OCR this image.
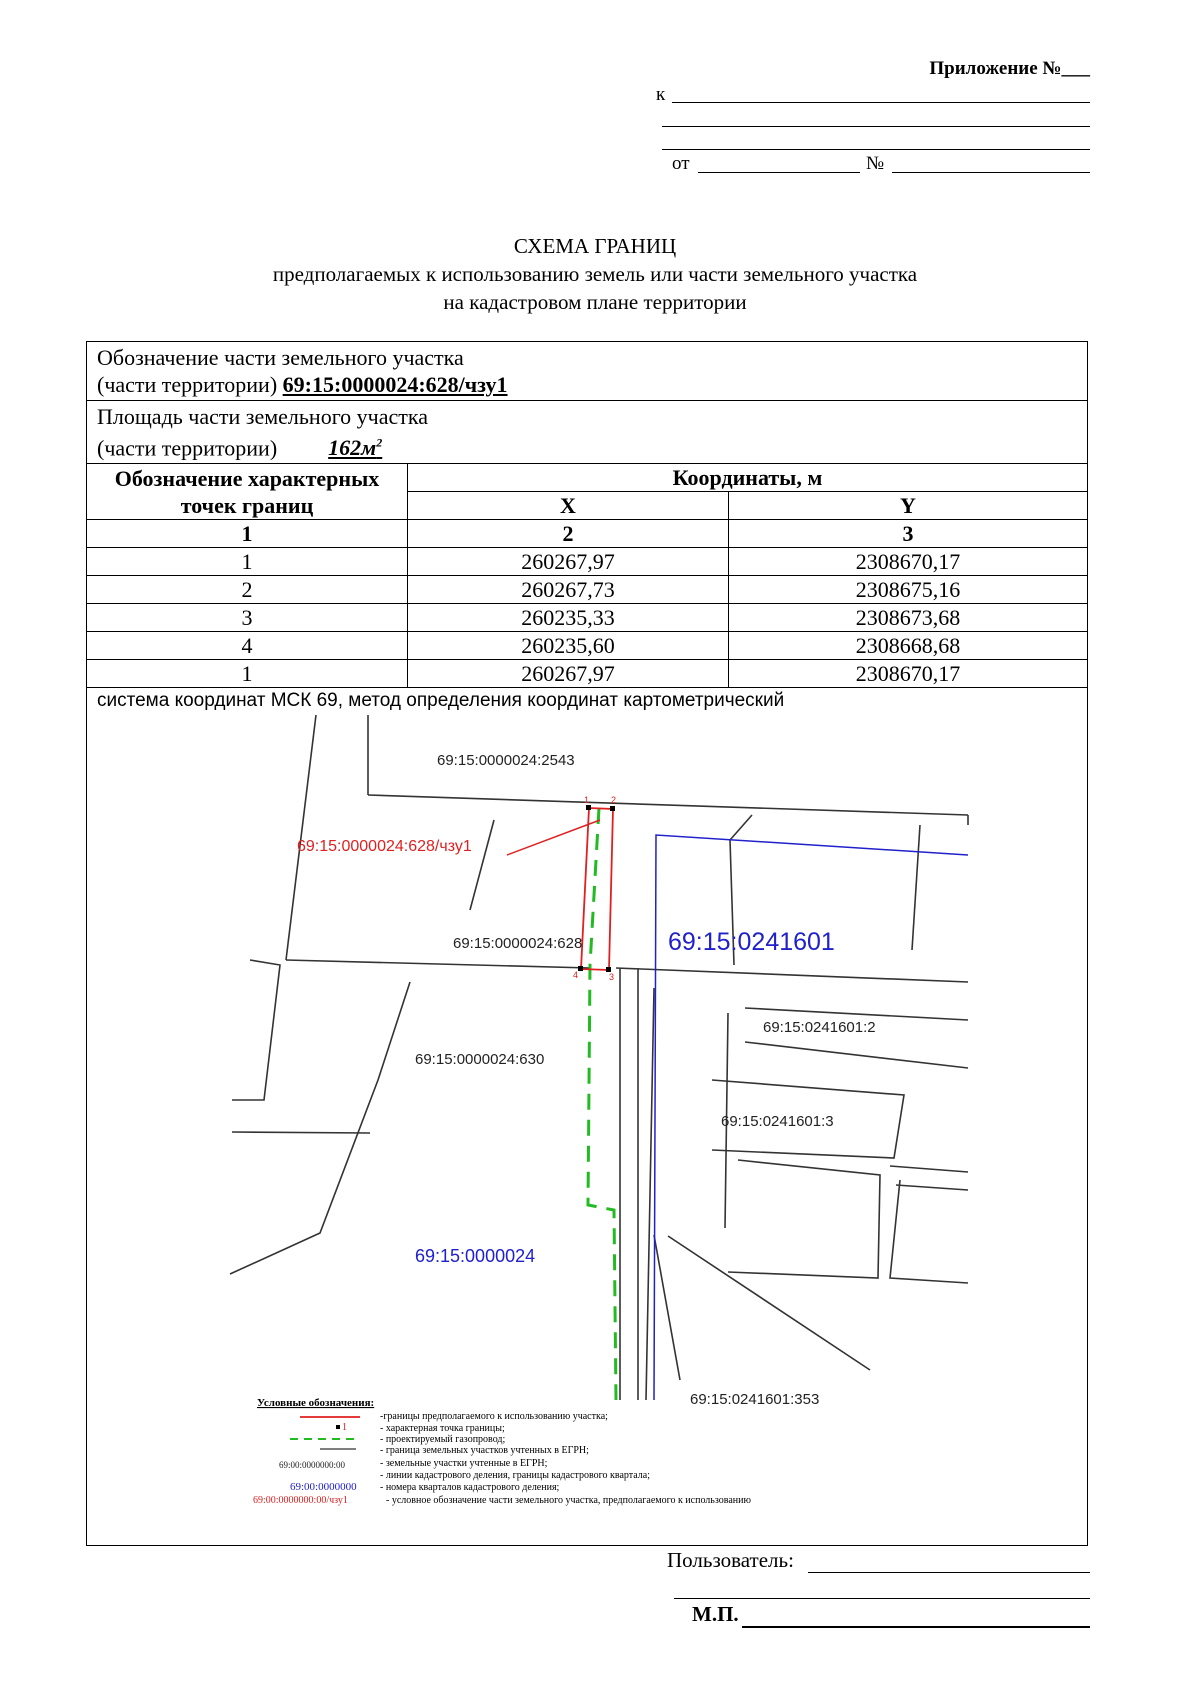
Приложение №___
к
от	№
СХЕМА ГРАНИЦ
предполагаемых к использованию земель или части земельного участка
на кадастровом плане территории
Обозначение части земельного участка
(части территории) 69:15:0000024:628/чзу1		
Площадь части земельного участка
(части территории) $162м^2$
Обозначение характерных точек границ	Координаты, м	
	X	Y
1	2	3
1	260267,97	2308670,17
2	260267,73	2308675,16
3	260235,33	2308673,68
4	260235,60	2308668,68
1	260267,97	2308670,17
система координат МСК 69, метод определения координат картометрический
1 2
3
4
69:15:0000024:2543
69:15:0000024:628/чзу1
69:15:0000024:628	69:15:0241601
69:15:0241601:2
69:15:0000024:630
69:15:0241601:3
69:15:0000024
69:15:0241601:353
Условные обозначения:
1
69:00:0000000:00
69:00:0000000
69:00:0000000:00/чзу1
-границы предполагаемого к использованию участка;
- характерная точка границы;
- проектируемый газопровод;
- граница земельных участков учтенных в ЕГРН;
- земельные участки учтенные в ЕГРН;
- линии кадастрового деления, границы кадастрового квартала;
- номера кварталов кадастрового деления;
- условное обозначение части земельного участка, предполагаемого к использованию
Пользователь:
М.П.
